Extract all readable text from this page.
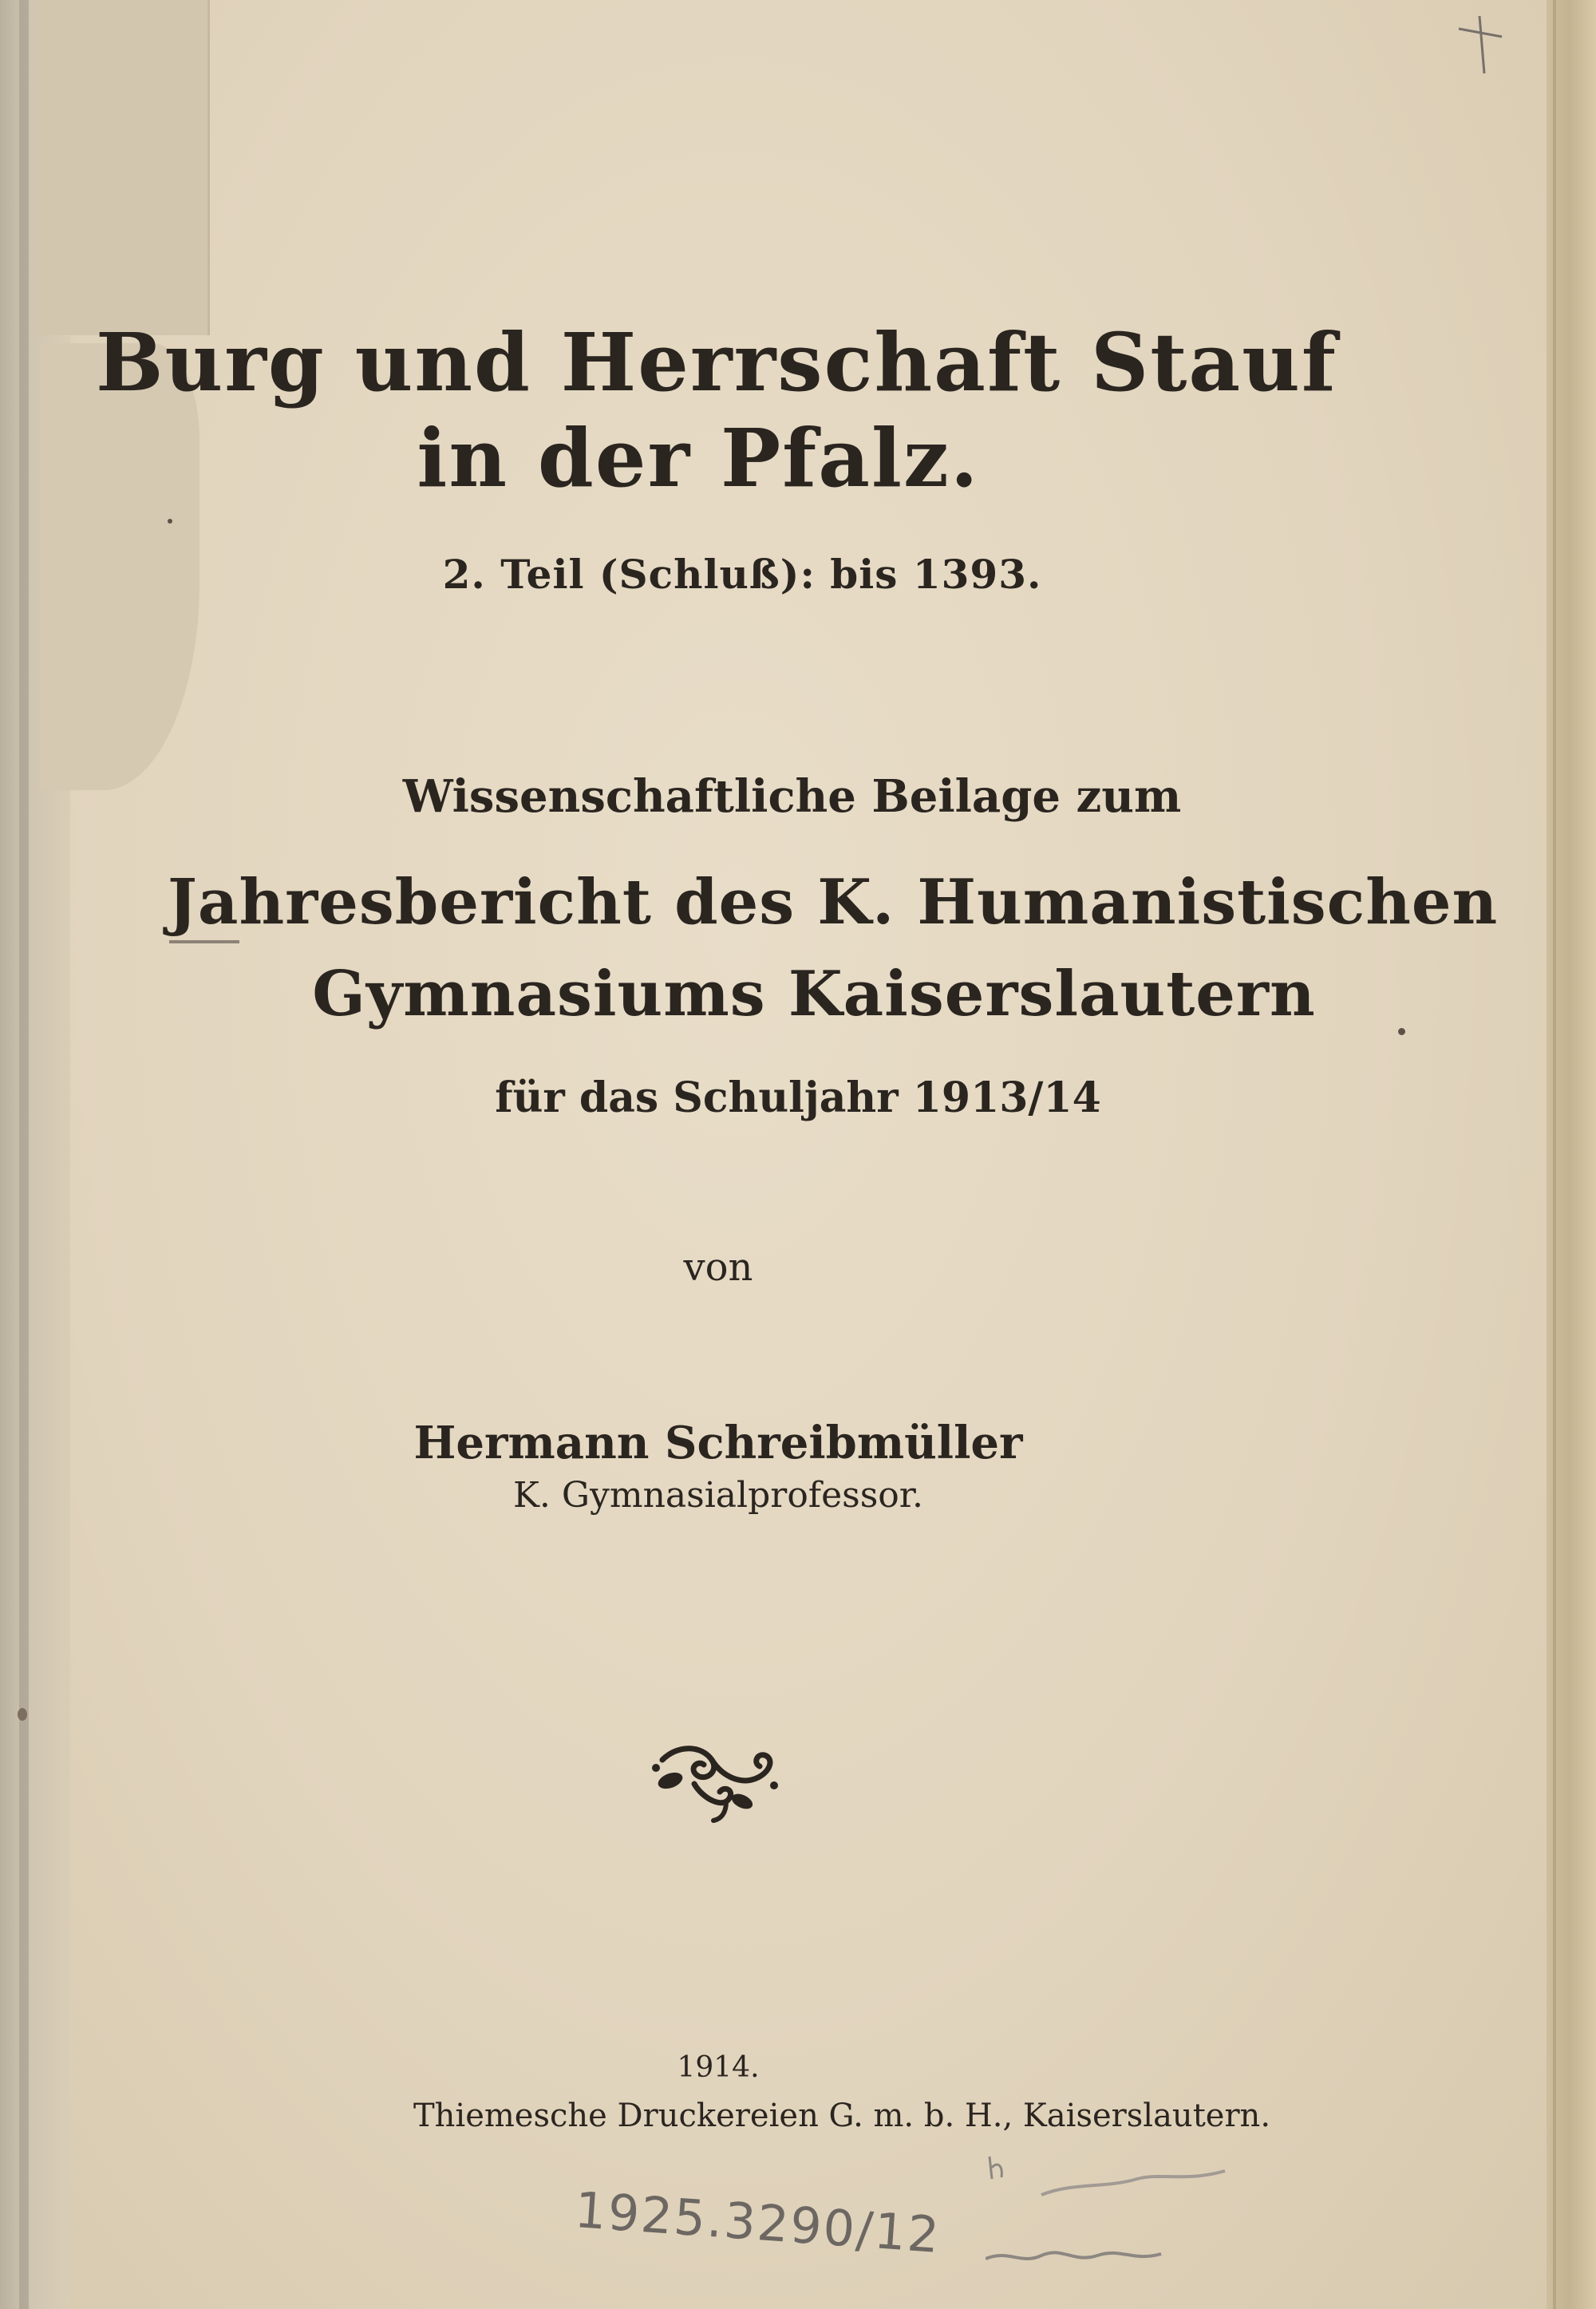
Burg und Herrschaft Stauf
in der Pfalz.
2. Teil (Schluß): bis 1393.
Wissenschaftliche Beilage zum
Jahresbericht des K. Humanistischen
Gymnasiums Kaiserslautern
für das Schuljahr 1913/14
von
Hermann Schreibmüller
K. Gymnasialprofessor.
1914.
Thiemesche Druckereien G. m. b. H., Kaiserslautern.
1925.3290/12
